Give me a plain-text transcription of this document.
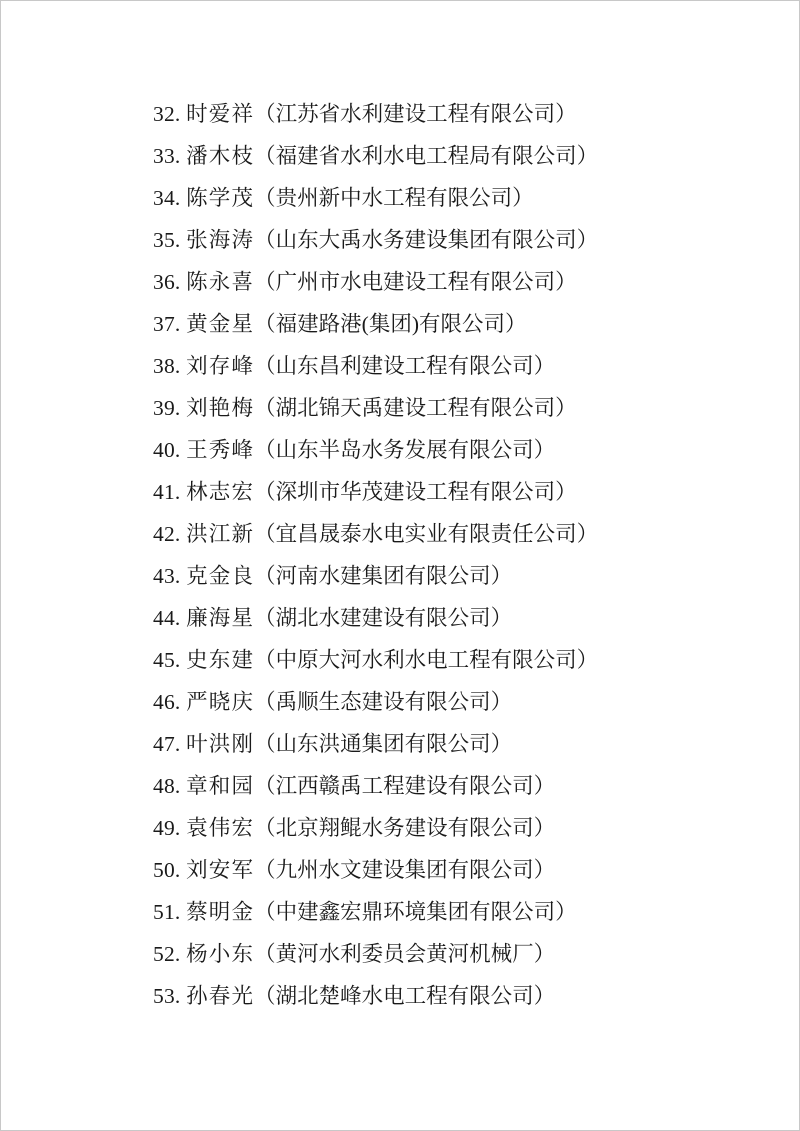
32. 时爱祥（江苏省水利建设工程有限公司）
33. 潘木枝（福建省水利水电工程局有限公司）
34. 陈学茂（贵州新中水工程有限公司）
35. 张海涛（山东大禹水务建设集团有限公司）
36. 陈永喜（广州市水电建设工程有限公司）
37. 黄金星（福建路港(集团)有限公司）
38. 刘存峰（山东昌利建设工程有限公司）
39. 刘艳梅（湖北锦天禹建设工程有限公司）
40. 王秀峰（山东半岛水务发展有限公司）
41. 林志宏（深圳市华茂建设工程有限公司）
42. 洪江新（宜昌晟泰水电实业有限责任公司）
43. 克金良（河南水建集团有限公司）
44. 廉海星（湖北水建建设有限公司）
45. 史东建（中原大河水利水电工程有限公司）
46. 严晓庆（禹顺生态建设有限公司）
47. 叶洪刚（山东洪通集团有限公司）
48. 章和园（江西赣禹工程建设有限公司）
49. 袁伟宏（北京翔鲲水务建设有限公司）
50. 刘安军（九州水文建设集团有限公司）
51. 蔡明金（中建鑫宏鼎环境集团有限公司）
52. 杨小东（黄河水利委员会黄河机械厂）
53. 孙春光（湖北楚峰水电工程有限公司）
